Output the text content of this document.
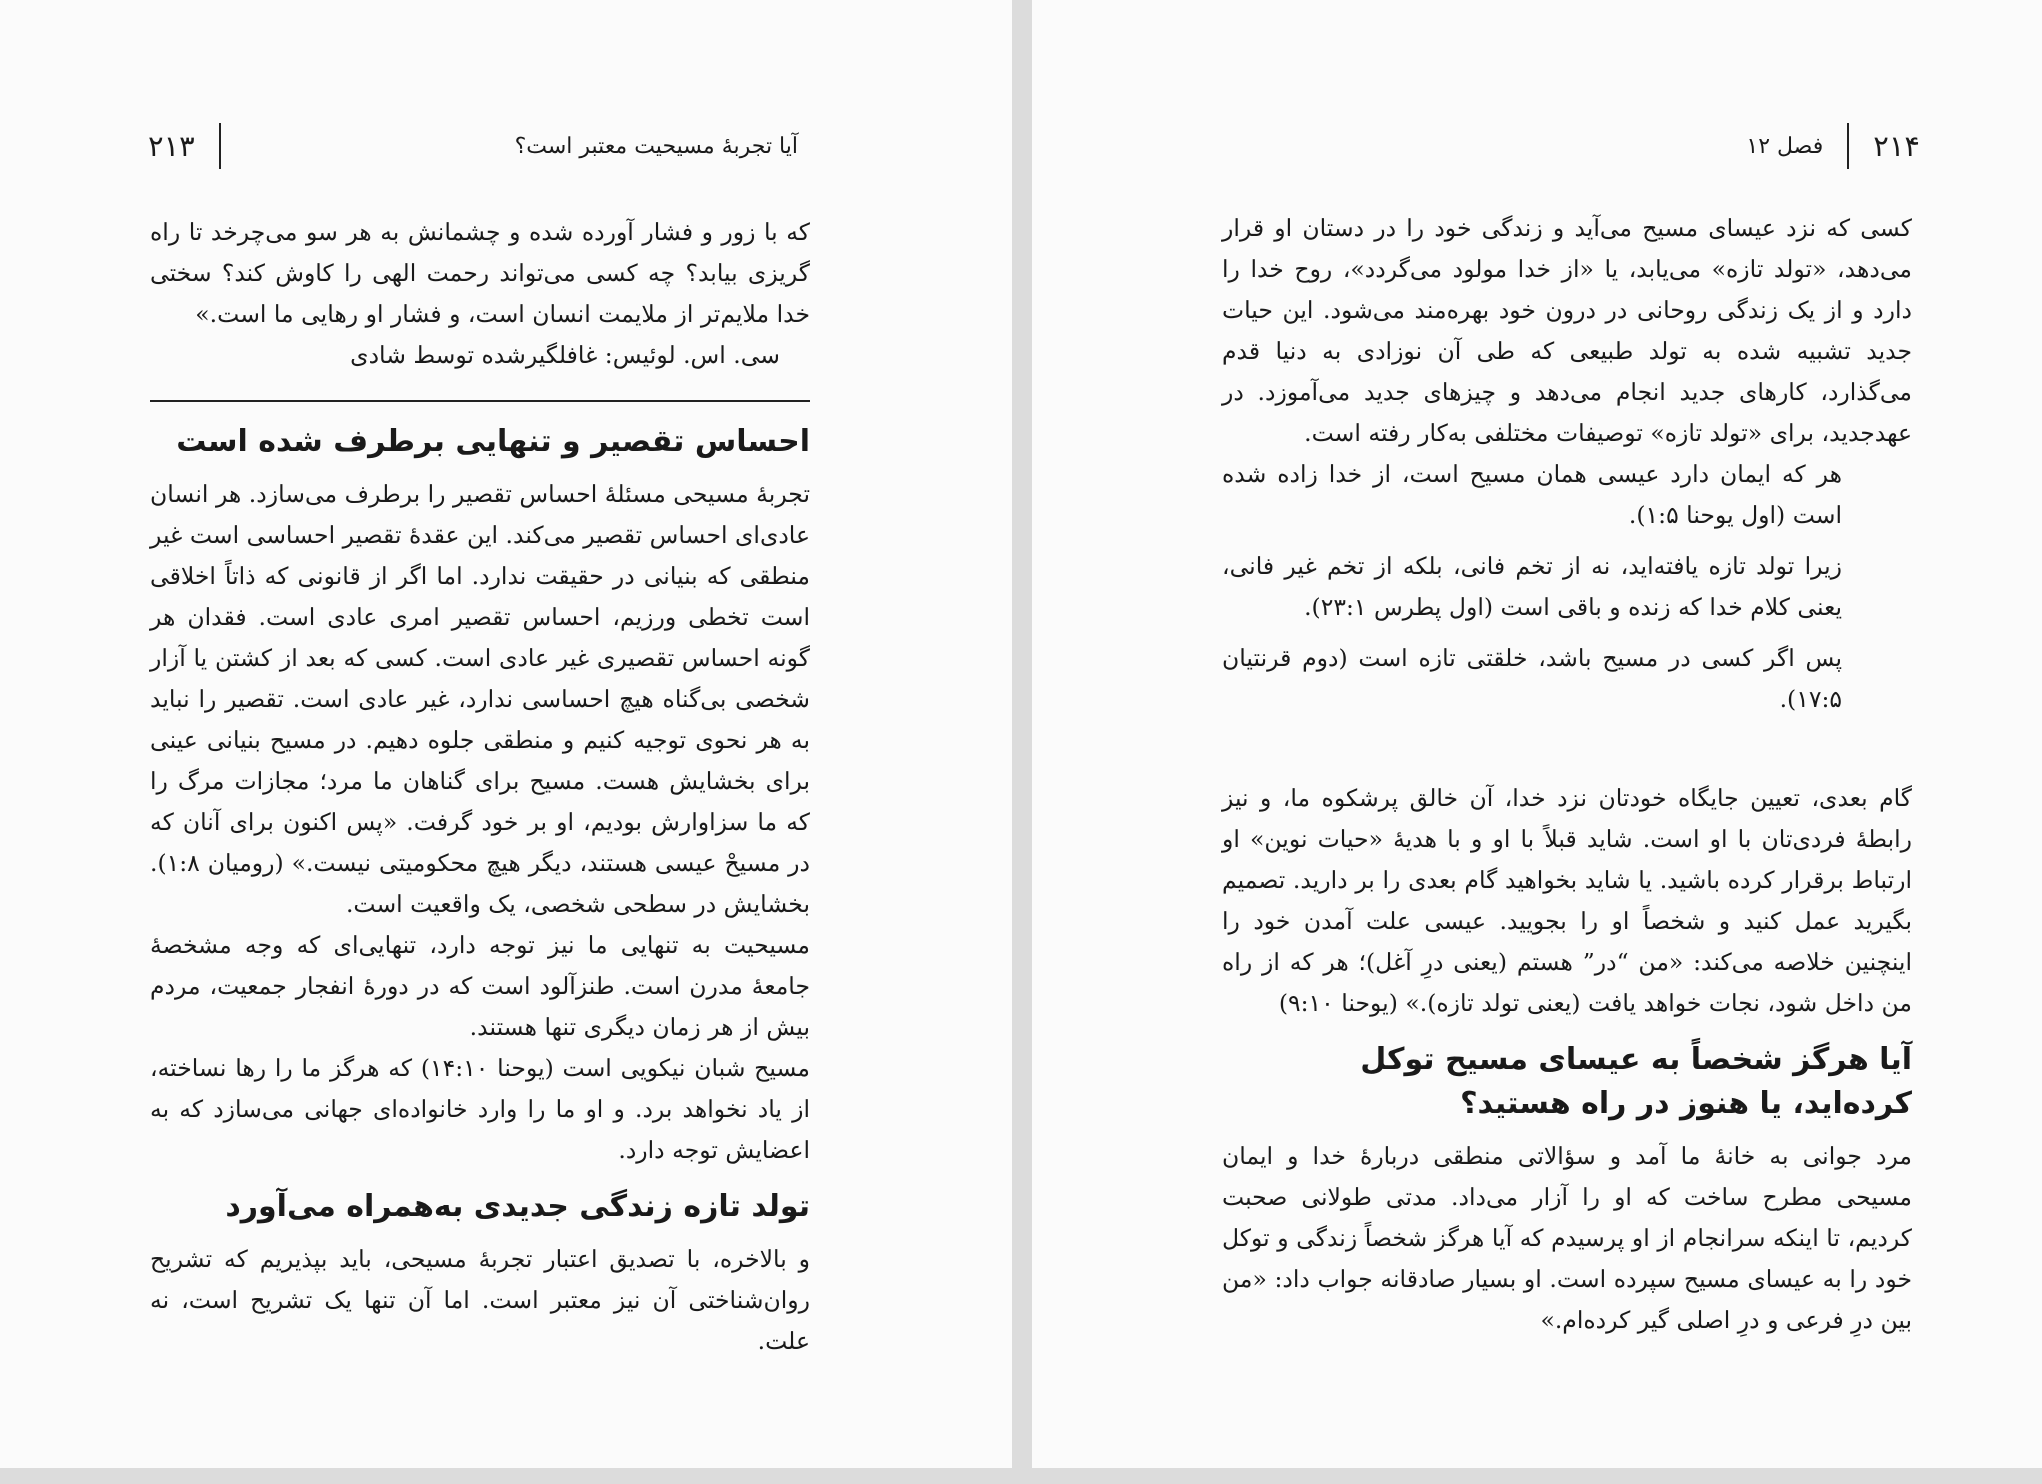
۲۱۳	آیا تجربهٔ مسیحیت معتبر است؟

که با زور و فشار آورده شده و چشمانش به هر سو می‌چرخد تا راه گریزی بیابد؟ چه کسی می‌تواند رحمت الهی را کاوش کند؟ سختی خدا ملایم‌تر از ملایمت انسان است، و فشار او رهایی ما است.»

سی. اس. لوئیس: غافلگیرشده توسط شادی

احساس تقصیر و تنهایی برطرف شده است

تجربهٔ مسیحی مسئلهٔ احساس تقصیر را برطرف می‌سازد. هر انسان عادی‌ای احساس تقصیر می‌کند. این عقدهٔ تقصیر احساسی است غیر منطقی که بنیانی در حقیقت ندارد. اما اگر از قانونی که ذاتاً اخلاقی است تخطی ورزیم، احساس تقصیر امری عادی است. فقدان هر گونه احساس تقصیری غیر عادی است. کسی که بعد از کشتن یا آزار شخصی بی‌گناه هیچ احساسی ندارد، غیر عادی است. تقصیر را نباید به هر نحوی توجیه کنیم و منطقی جلوه دهیم. در مسیح بنیانی عینی برای بخشایش هست. مسیح برای گناهان ما مرد؛ مجازات مرگ را که ما سزاوارش بودیم، او بر خود گرفت. «پس اکنون برای آنان که در مسیحْ عیسی هستند، دیگر هیچ محکومیتی نیست.» (رومیان ۱:۸). بخشایش در سطحی شخصی، یک واقعیت است.

مسیحیت به تنهایی ما نیز توجه دارد، تنهایی‌ای که وجه مشخصهٔ جامعهٔ مدرن است. طنزآلود است که در دورهٔ انفجار جمعیت، مردم بیش از هر زمان دیگری تنها هستند.

مسیح شبان نیکویی است (یوحنا ۱۴:۱۰) که هرگز ما را رها نساخته، از یاد نخواهد برد. و او ما را وارد خانواده‌ای جهانی می‌سازد که به اعضایش توجه دارد.

تولد تازه زندگی جدیدی به‌همراه می‌آورد

و بالاخره، با تصدیق اعتبار تجربهٔ مسیحی، باید بپذیریم که تشریح روان‌شناختی آن نیز معتبر است. اما آن تنها یک تشریح است، نه علت.

فصل ۱۲ ۲۱۴

کسی که نزد عیسای مسیح می‌آید و زندگی خود را در دستان او قرار می‌دهد، «تولد تازه» می‌یابد، یا «از خدا مولود می‌گردد»، روح خدا را دارد و از یک زندگی روحانی در درون خود بهره‌مند می‌شود. این حیات جدید تشبیه شده به تولد طبیعی که طی آن نوزادی به دنیا قدم می‌گذارد، کارهای جدید انجام می‌دهد و چیزهای جدید می‌آموزد. در عهدجدید، برای «تولد تازه» توصیفات مختلفی به‌کار رفته است.

هر که ایمان دارد عیسی همان مسیح است، از خدا زاده شده است (اول یوحنا ۱:۵).

زیرا تولد تازه یافته‌اید، نه از تخم فانی، بلکه از تخم غیر فانی، یعنی کلام خدا که زنده و باقی است (اول پطرس ۲۳:۱).

پس اگر کسی در مسیح باشد، خلقتی تازه است (دوم قرنتیان ۱۷:۵).

گام بعدی، تعیین جایگاه خودتان نزد خدا، آن خالق پرشکوه ما، و نیز رابطهٔ فردی‌تان با او است. شاید قبلاً با او و با هدیهٔ «حیات نوین» او ارتباط برقرار کرده باشید. یا شاید بخواهید گام بعدی را بر دارید. تصمیم بگیرید عمل کنید و شخصاً او را بجویید. عیسی علت آمدن خود را اینچنین خلاصه می‌کند: «من “در” هستم (یعنی درِ آغل)؛ هر که از راه من داخل شود، نجات خواهد یافت (یعنی تولد تازه).» (یوحنا ۹:۱۰)

آیا هرگز شخصاً به عیسای مسیح توکل
کرده‌اید، یا هنوز در راه هستید؟

مرد جوانی به خانهٔ ما آمد و سؤالاتی منطقی دربارهٔ خدا و ایمان مسیحی مطرح ساخت که او را آزار می‌داد. مدتی طولانی صحبت کردیم، تا اینکه سرانجام از او پرسیدم که آیا هرگز شخصاً زندگی و توکل خود را به عیسای مسیح سپرده است. او بسیار صادقانه جواب داد: «من بین درِ فرعی و درِ اصلی گیر کرده‌ام.»
